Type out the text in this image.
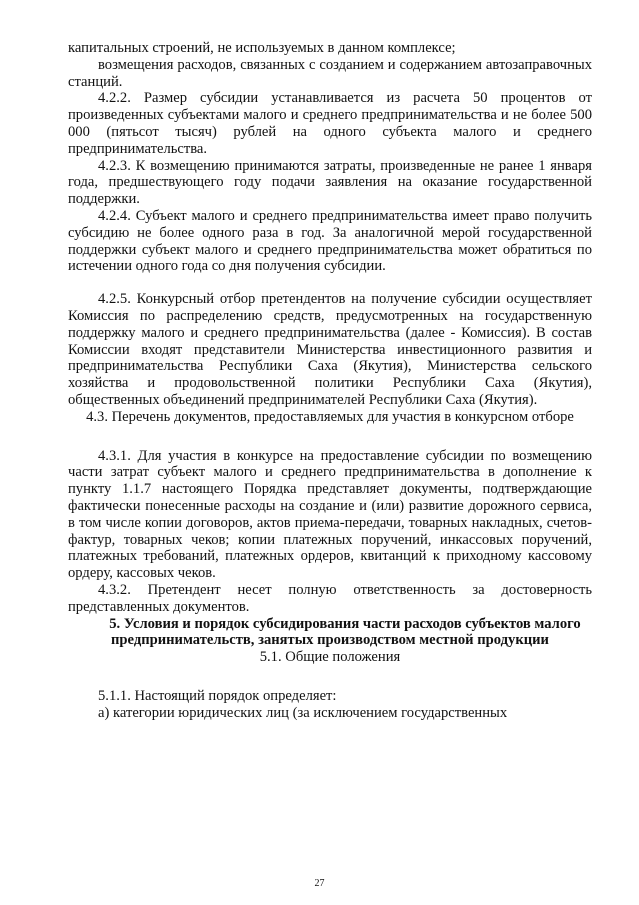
капитальных строений, не используемых в данном комплексе;

возмещения расходов, связанных с созданием и содержанием автозаправочных станций.

4.2.2. Размер субсидии устанавливается из расчета 50 процентов от произведенных субъектами малого и среднего предпринимательства и не более 500 000 (пятьсот тысяч) рублей на одного субъекта малого и среднего предпринимательства.

4.2.3. К возмещению принимаются затраты, произведенные не ранее 1 января года, предшествующего году подачи заявления на оказание государственной поддержки.

4.2.4. Субъект малого и среднего предпринимательства имеет право получить субсидию не более одного раза в год. За аналогичной мерой государственной поддержки субъект малого и среднего предпринимательства может обратиться по истечении одного года со дня получения субсидии.

4.2.5. Конкурсный отбор претендентов на получение субсидии осуществляет Комиссия по распределению средств, предусмотренных на государственную поддержку малого и среднего предпринимательства (далее - Комиссия). В состав Комиссии входят представители Министерства инвестиционного развития и предпринимательства Республики Саха (Якутия), Министерства сельского хозяйства и продовольственной политики Республики Саха (Якутия), общественных объединений предпринимателей Республики Саха (Якутия).

4.3. Перечень документов, предоставляемых для участия в конкурсном отборе

4.3.1. Для участия в конкурсе на предоставление субсидии по возмещению части затрат субъект малого и среднего предпринимательства в дополнение к пункту 1.1.7 настоящего Порядка представляет документы, подтверждающие фактически понесенные расходы на создание и (или) развитие дорожного сервиса, в том числе копии договоров, актов приема-передачи, товарных накладных, счетов-фактур, товарных чеков; копии платежных поручений, инкассовых поручений, платежных требований, платежных ордеров, квитанций к приходному кассовому ордеру, кассовых чеков.

4.3.2. Претендент несет полную ответственность за достоверность представленных документов.

5. Условия и порядок субсидирования части расходов субъектов малого предпринимательств, занятых производством местной продукции

5.1. Общие положения

5.1.1. Настоящий порядок определяет:

а) категории юридических лиц (за исключением государственных

27
